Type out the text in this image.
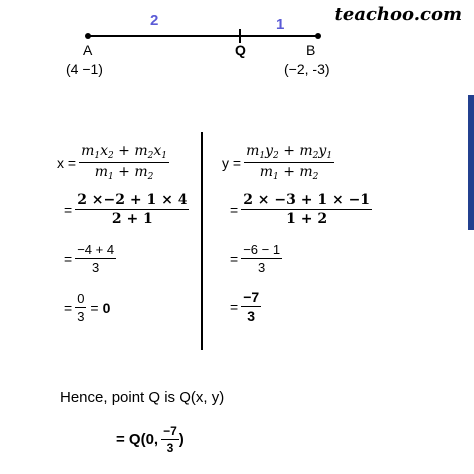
teachoo.com
2	1
A	Q	B
(4 −1)	(−2, -3)
$x = \frac{m_1x_2 + m_2x_1}{m_1 + m_2}$
= $\frac{2 \times-2 + 1 \times 4}{2 + 1}$
= $\frac{-4 + 4}{3}$
= $\frac{0}{3} = 0$
$y = \frac{m_1y_2 + m_2y_1}{m_1 + m_2}$
= $\frac{2 \times -3 + 1 \times -1}{1 + 2}$
= $\frac{-6 - 1}{3}$
= $\frac{-7}{3}$
Hence, point Q is Q(x, y)
= Q(0, $\frac{-7}{3}$ )
